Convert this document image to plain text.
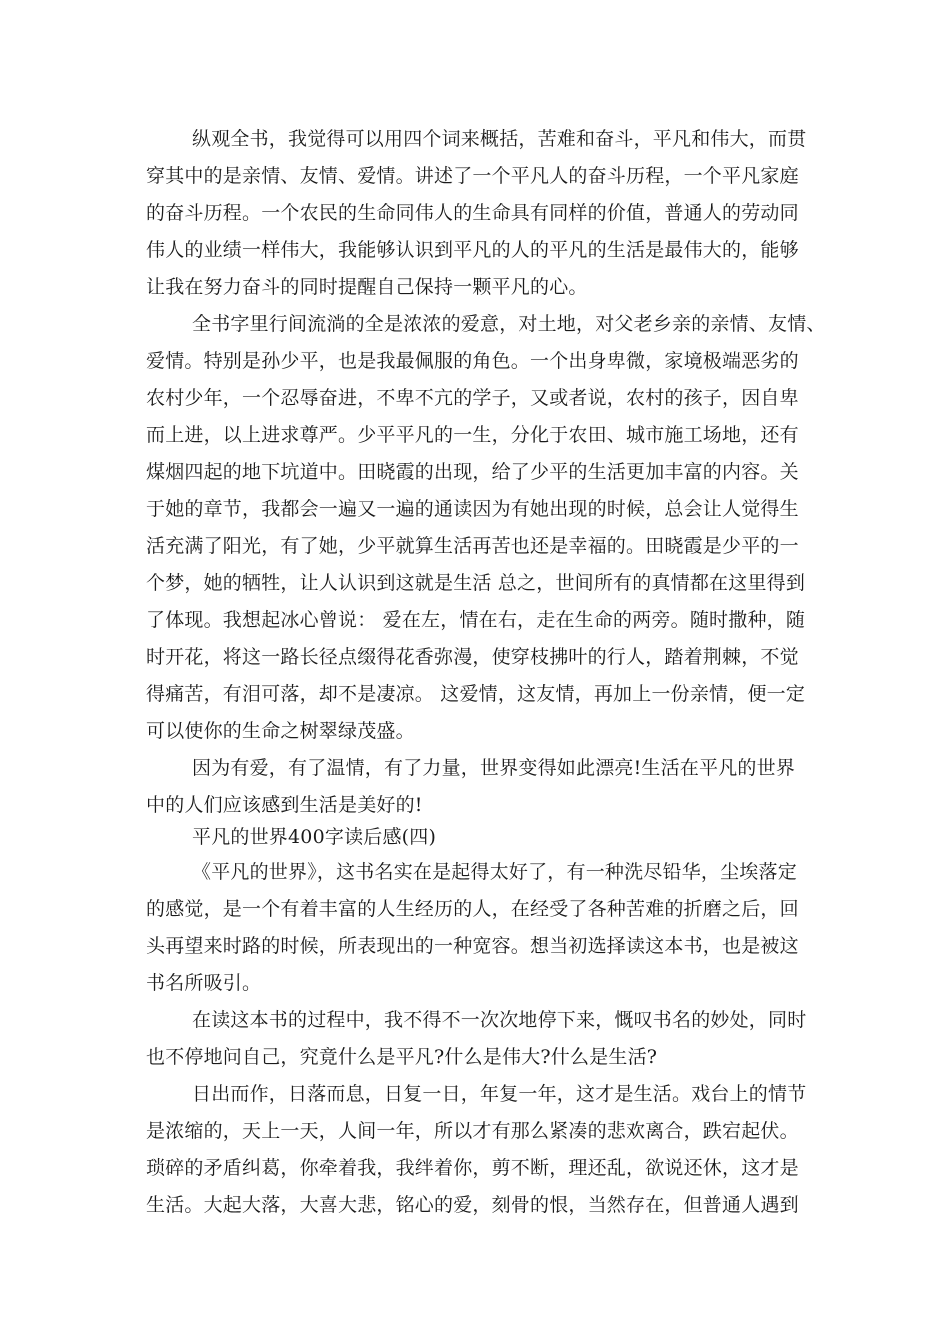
纵观全书，我觉得可以用四个词来概括，苦难和奋斗，平凡和伟大，而贯
穿其中的是亲情、友情、爱情。讲述了一个平凡人的奋斗历程，一个平凡家庭
的奋斗历程。一个农民的生命同伟人的生命具有同样的价值，普通人的劳动同
伟人的业绩一样伟大，我能够认识到平凡的人的平凡的生活是最伟大的，能够
让我在努力奋斗的同时提醒自己保持一颗平凡的心。
全书字里行间流淌的全是浓浓的爱意，对土地，对父老乡亲的亲情、友情、
爱情。特别是孙少平，也是我最佩服的角色。一个出身卑微，家境极端恶劣的
农村少年，一个忍辱奋进，不卑不亢的学子，又或者说，农村的孩子，因自卑
而上进，以上进求尊严。少平平凡的一生，分化于农田、城市施工场地，还有
煤烟四起的地下坑道中。田晓霞的出现，给了少平的生活更加丰富的内容。关
于她的章节，我都会一遍又一遍的通读因为有她出现的时候，总会让人觉得生
活充满了阳光，有了她，少平就算生活再苦也还是幸福的。田晓霞是少平的一
个梦，她的牺牲，让人认识到这就是生活 总之，世间所有的真情都在这里得到
了体现。我想起冰心曾说： 爱在左，情在右，走在生命的两旁。随时撒种，随
时开花，将这一路长径点缀得花香弥漫，使穿枝拂叶的行人，踏着荆棘，不觉
得痛苦，有泪可落，却不是凄凉。 这爱情，这友情，再加上一份亲情，便一定
可以使你的生命之树翠绿茂盛。
因为有爱，有了温情，有了力量，世界变得如此漂亮!生活在平凡的世界
中的人们应该感到生活是美好的!
平凡的世界400字读后感(四)
《平凡的世界》，这书名实在是起得太好了，有一种洗尽铅华，尘埃落定
的感觉，是一个有着丰富的人生经历的人，在经受了各种苦难的折磨之后，回
头再望来时路的时候，所表现出的一种宽容。想当初选择读这本书，也是被这
书名所吸引。
在读这本书的过程中，我不得不一次次地停下来，慨叹书名的妙处，同时
也不停地问自己，究竟什么是平凡?什么是伟大?什么是生活?
日出而作，日落而息，日复一日，年复一年，这才是生活。戏台上的情节
是浓缩的，天上一天，人间一年，所以才有那么紧凑的悲欢离合，跌宕起伏。
琐碎的矛盾纠葛，你牵着我，我绊着你，剪不断，理还乱，欲说还休，这才是
生活。大起大落，大喜大悲，铭心的爱，刻骨的恨，当然存在，但普通人遇到
